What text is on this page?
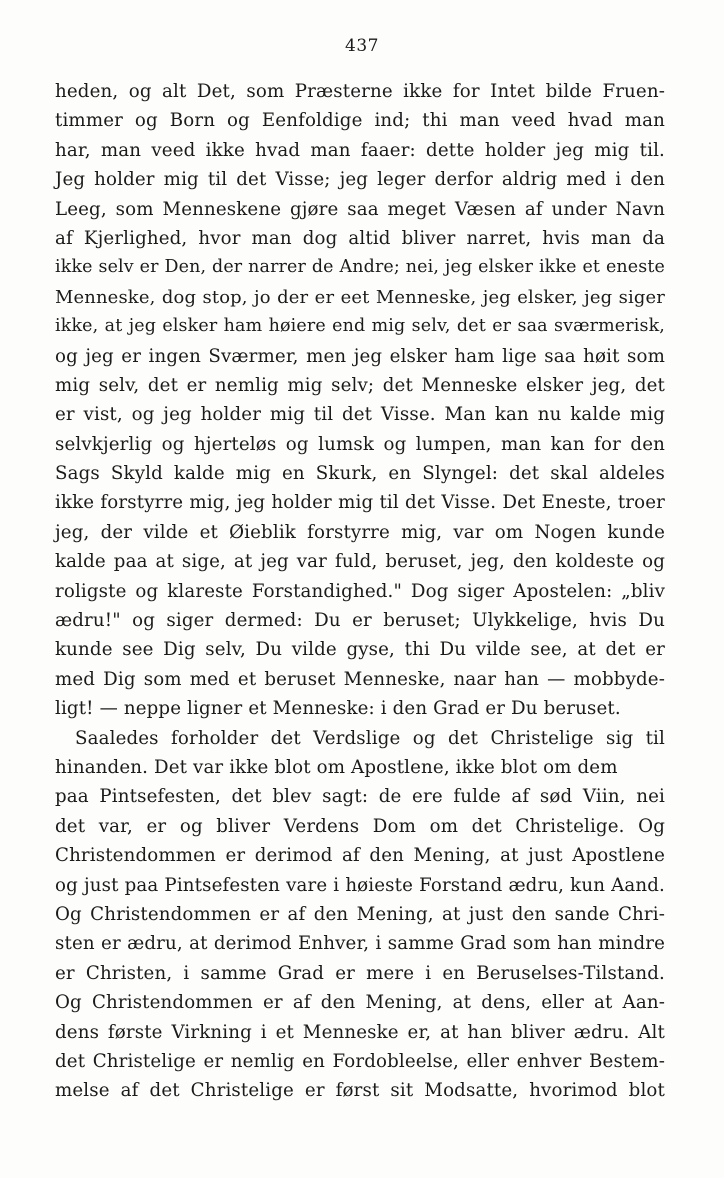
437
heden, og alt Det, som Præsterne ikke for Intet bilde Fruen-
timmer og Born og Eenfoldige ind; thi man veed hvad man
har, man veed ikke hvad man faaer: dette holder jeg mig til.
Jeg holder mig til det Visse; jeg leger derfor aldrig med i den
Leeg, som Menneskene gjøre saa meget Væsen af under Navn
af Kjerlighed, hvor man dog altid bliver narret, hvis man da
ikke selv er Den, der narrer de Andre; nei, jeg elsker ikke et eneste
Menneske, dog stop, jo der er eet Menneske, jeg elsker, jeg siger
ikke, at jeg elsker ham høiere end mig selv, det er saa sværmerisk,
og jeg er ingen Sværmer, men jeg elsker ham lige saa høit som
mig selv, det er nemlig mig selv; det Menneske elsker jeg, det
er vist, og jeg holder mig til det Visse. Man kan nu kalde mig
selvkjerlig og hjerteløs og lumsk og lumpen, man kan for den
Sags Skyld kalde mig en Skurk, en Slyngel: det skal aldeles
ikke forstyrre mig, jeg holder mig til det Visse. Det Eneste, troer
jeg, der vilde et Øieblik forstyrre mig, var om Nogen kunde
kalde paa at sige, at jeg var fuld, beruset, jeg, den koldeste og
roligste og klareste Forstandighed." Dog siger Apostelen: „bliv
ædru!" og siger dermed: Du er beruset; Ulykkelige, hvis Du
kunde see Dig selv, Du vilde gyse, thi Du vilde see, at det er
med Dig som med et beruset Menneske, naar han — mobbyde-
ligt! — neppe ligner et Menneske: i den Grad er Du beruset.
Saaledes forholder det Verdslige og det Christelige sig til
hinanden. Det var ikke blot om Apostlene, ikke blot om dem
paa Pintsefesten, det blev sagt: de ere fulde af sød Viin, nei
det var, er og bliver Verdens Dom om det Christelige. Og
Christendommen er derimod af den Mening, at just Apostlene
og just paa Pintsefesten vare i høieste Forstand ædru, kun Aand.
Og Christendommen er af den Mening, at just den sande Chri-
sten er ædru, at derimod Enhver, i samme Grad som han mindre
er Christen, i samme Grad er mere i en Beruselses-Tilstand.
Og Christendommen er af den Mening, at dens, eller at Aan-
dens første Virkning i et Menneske er, at han bliver ædru. Alt
det Christelige er nemlig en Fordobleelse, eller enhver Bestem-
melse af det Christelige er først sit Modsatte, hvorimod blot
